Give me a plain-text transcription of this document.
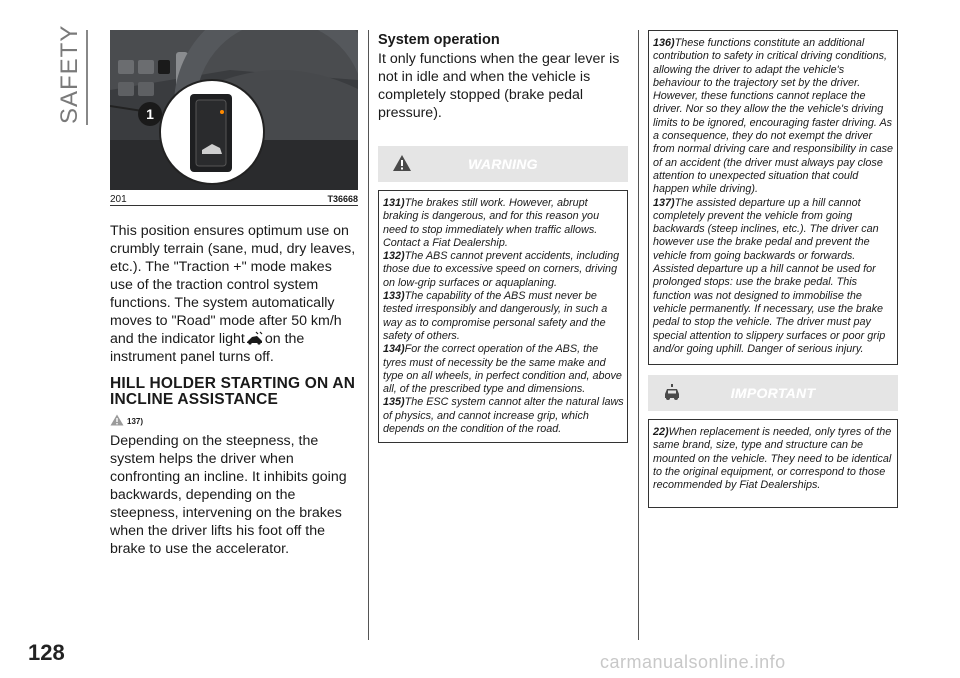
SAFETY
128	carmanualsonline.info
1
201	T36668

This position ensures optimum use on crumbly terrain (sane, mud, dry leaves, etc.). The "Traction +" mode makes use of the traction control system functions. The system automatically moves to "Road" mode after 50 km/h and the indicator light on the instrument panel turns off.

HILL HOLDER STARTING ON AN INCLINE ASSISTANCE
137)

Depending on the steepness, the system helps the driver when confronting an incline. It inhibits going backwards, depending on the steepness, intervening on the brakes when the driver lifts his foot off the brake to use the accelerator.

System operation

It only functions when the gear lever is not in idle and when the vehicle is completely stopped (brake pedal pressure).

WARNING

131)The brakes still work. However, abrupt braking is dangerous, and for this reason you need to stop immediately when traffic allows. Contact a Fiat Dealership.

132)The ABS cannot prevent accidents, including those due to excessive speed on corners, driving on low-grip surfaces or aquaplaning.

133)The capability of the ABS must never be tested irresponsibly and dangerously, in such a way as to compromise personal safety and the safety of others.

134)For the correct operation of the ABS, the tyres must of necessity be the same make and type on all wheels, in perfect condition and, above all, of the prescribed type and dimensions.

135)The ESC system cannot alter the natural laws of physics, and cannot increase grip, which depends on the condition of the road.

136)These functions constitute an additional contribution to safety in critical driving conditions, allowing the driver to adapt the vehicle's behaviour to the trajectory set by the driver. However, these functions cannot replace the driver. Nor so they allow the the vehicle's driving limits to be ignored, encouraging faster driving. As a consequence, they do not exempt the driver from normal driving care and responsibility in case of an accident (the driver must always pay close attention to unexpected situation that could happen while driving).

137)The assisted departure up a hill cannot completely prevent the vehicle from going backwards (steep inclines, etc.). The driver can however use the brake pedal and prevent the vehicle from going backwards or forwards. Assisted departure up a hill cannot be used for prolonged stops: use the brake pedal. This function was not designed to immobilise the vehicle permanently. If necessary, use the brake pedal to stop the vehicle. The driver must pay special attention to slippery surfaces or poor grip and/or going uphill. Danger of serious injury.

IMPORTANT

22)When replacement is needed, only tyres of the same brand, size, type and structure can be mounted on the vehicle. They need to be identical to the original equipment, or correspond to those recommended by Fiat Dealerships.
